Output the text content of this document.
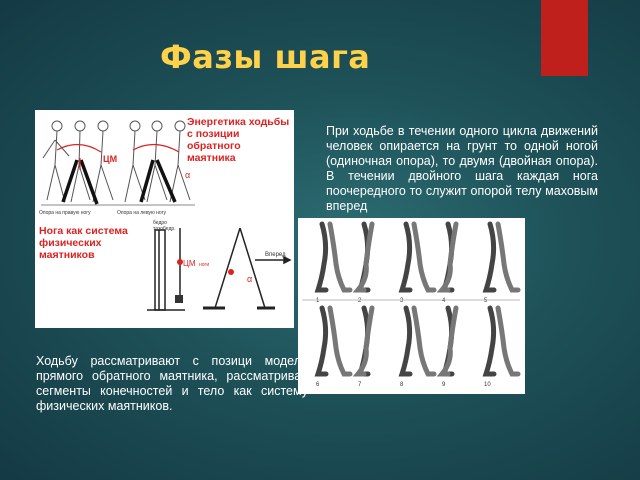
Фазы шага

При ходьбе в течении одного цикла движений человек опирается на грунт то одной ногой (одиночная опора), то двумя (двойная опора). В течении двойного шага каждая нога поочередного то служит опорой телу маховым вперед

ЦМ
α
Опора на правую ногу	Опора на левую ногу
ЦМ ноги
α
бедро
тазобедр.
Вперед
Энергетика ходьбы с позиции обратного маятника
Нога как система физических маятников
1	2	3	4	5
6	7	8	9	10

Ходьбу рассматривают с позици модели прямого обратного маятника, рассматривая сегменты конечностей и тело как систему физических маятников.
